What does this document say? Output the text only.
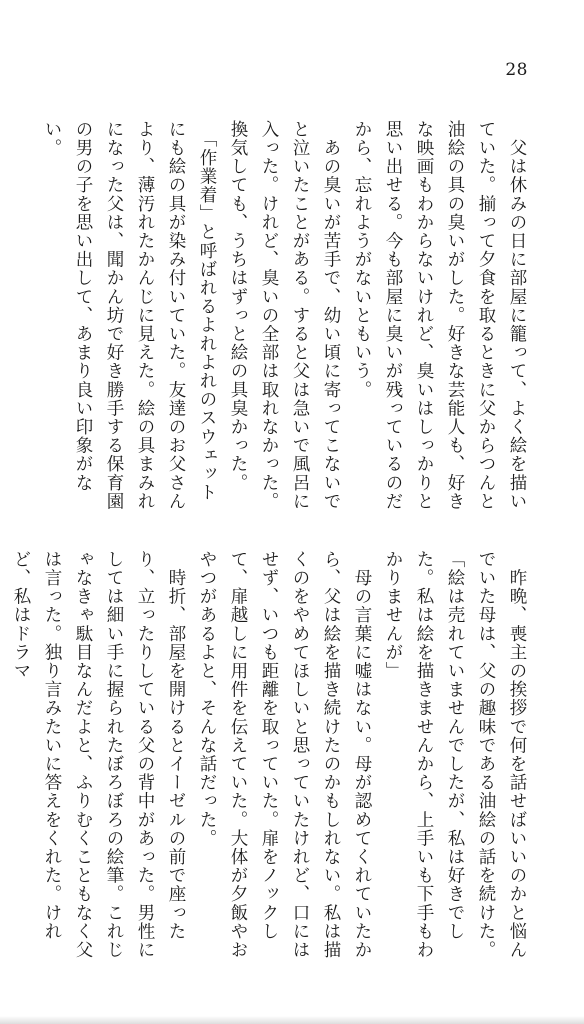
28
　父は休みの日に部屋に籠って、よく絵を描いていた。揃って夕食を取るときに父からつんと油絵の具の臭いがした。好きな芸能人も、好きな映画もわからないけれど、臭いはしっかりと思い出せる。今も部屋に臭いが残っているのだから、忘れようがないともいう。
　あの臭いが苦手で、幼い頃に寄ってこないでと泣いたことがある。すると父は急いで風呂に入った。けれど、臭いの全部は取れなかった。換気しても、うちはずっと絵の具臭かった。
　「作業着」と呼ばれるよれよれのスウェットにも絵の具が染み付いていた。友達のお父さんより、薄汚れたかんじに見えた。絵の具まみれになった父は、聞かん坊で好き勝手する保育園の男の子を思い出して、あまり良い印象がない。
　昨晩、喪主の挨拶で何を話せばいいのかと悩んでいた母は、父の趣味である油絵の話を続けた。
「絵は売れていませんでしたが、私は好きでした。私は絵を描きませんから、上手いも下手もわかりませんが」
　母の言葉に嘘はない。母が認めてくれていたから、父は絵を描き続けたのかもしれない。私は描くのをやめてほしいと思っていたけれど、口にはせず、いつも距離を取っていた。扉をノックして、扉越しに用件を伝えていた。大体が夕飯やおやつがあるよと、そんな話だった。
　時折、部屋を開けるとイーゼルの前で座ったり、立ったりしている父の背中があった。男性にしては細い手に握られたぼろぼろの絵筆。これじゃなきゃ駄目なんだよと、ふりむくこともなく父は言った。独り言みたいに答えをくれた。けれど、私はドラマ
